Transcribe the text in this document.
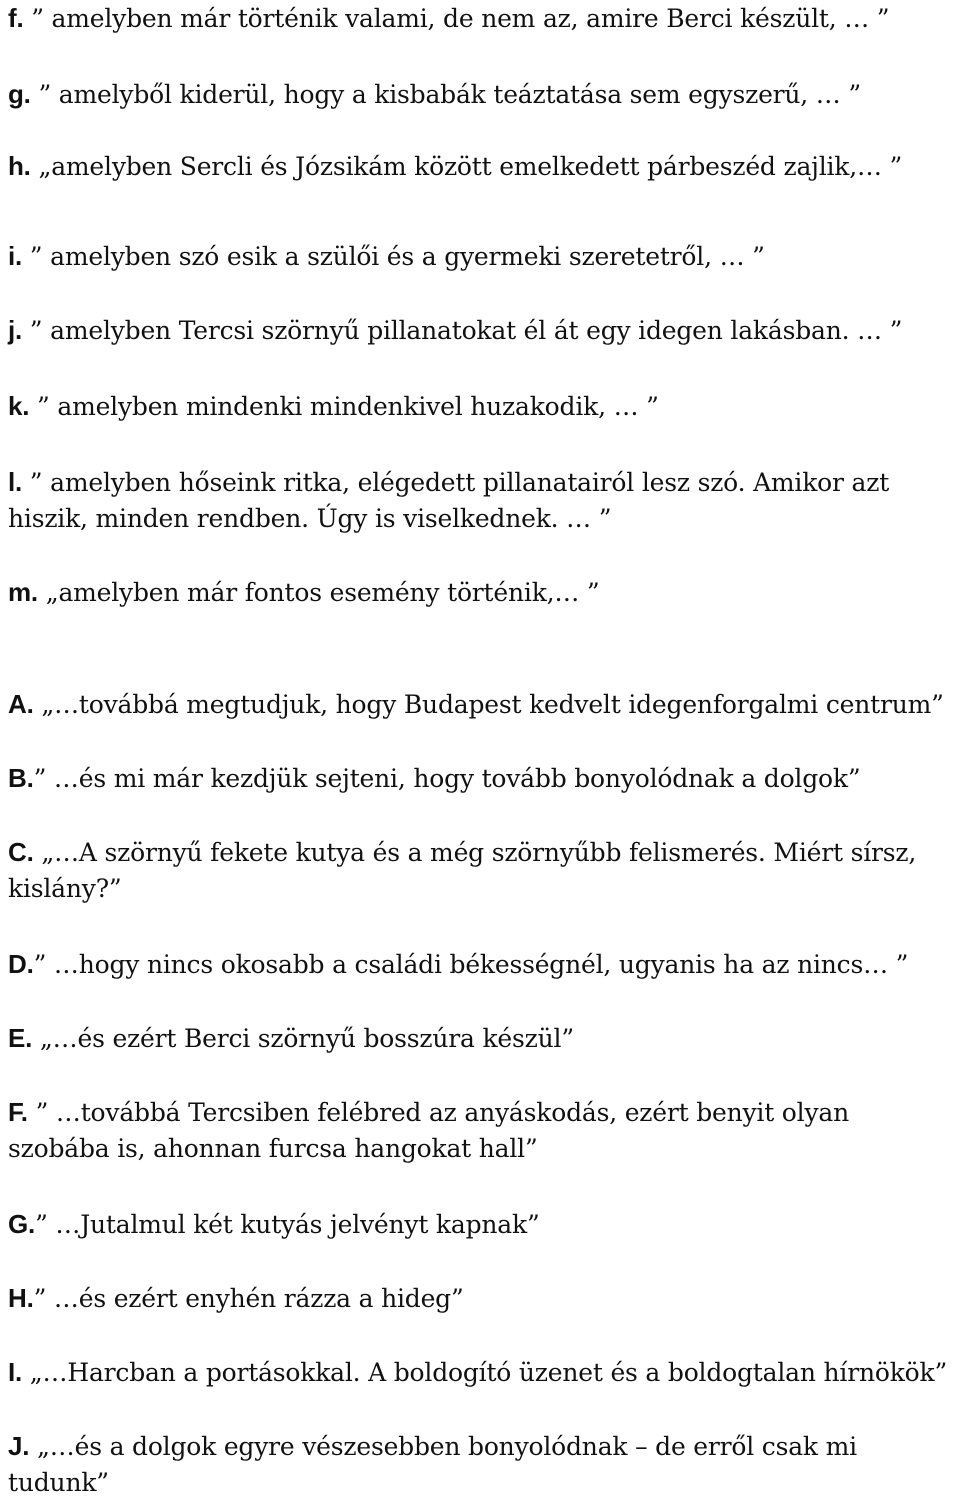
f. ” amelyben már történik valami, de nem az, amire Berci készült, … ”
g. ” amelyből kiderül, hogy a kisbabák teáztatása sem egyszerű, … ”
h. „amelyben Sercli és Józsikám között emelkedett párbeszéd zajlik,… ”
i. ” amelyben szó esik a szülői és a gyermeki szeretetről, … ”
j. ” amelyben Tercsi szörnyű pillanatokat él át egy idegen lakásban. … ”
k. ” amelyben mindenki mindenkivel huzakodik, … ”
l. ” amelyben hőseink ritka, elégedett pillanatairól lesz szó. Amikor azt hiszik, minden rendben. Úgy is viselkednek. … ”
m. „amelyben már fontos esemény történik,… ”
A. „…továbbá megtudjuk, hogy Budapest kedvelt idegenforgalmi centrum”
B.” …és mi már kezdjük sejteni, hogy tovább bonyolódnak a dolgok”
C. „…A szörnyű fekete kutya és a még szörnyűbb felismerés. Miért sírsz, kislány?”
D.” …hogy nincs okosabb a családi békességnél, ugyanis ha az nincs… ”
E. „…és ezért Berci szörnyű bosszúra készül”
F. ” …továbbá Tercsiben felébred az anyáskodás, ezért benyit olyan szobába is, ahonnan furcsa hangokat hall”
G.” …Jutalmul két kutyás jelvényt kapnak”
H.” …és ezért enyhén rázza a hideg”
I. „…Harcban a portásokkal. A boldogító üzenet és a boldogtalan hírnökök”
J. „…és a dolgok egyre vészesebben bonyolódnak – de erről csak mi tudunk”
